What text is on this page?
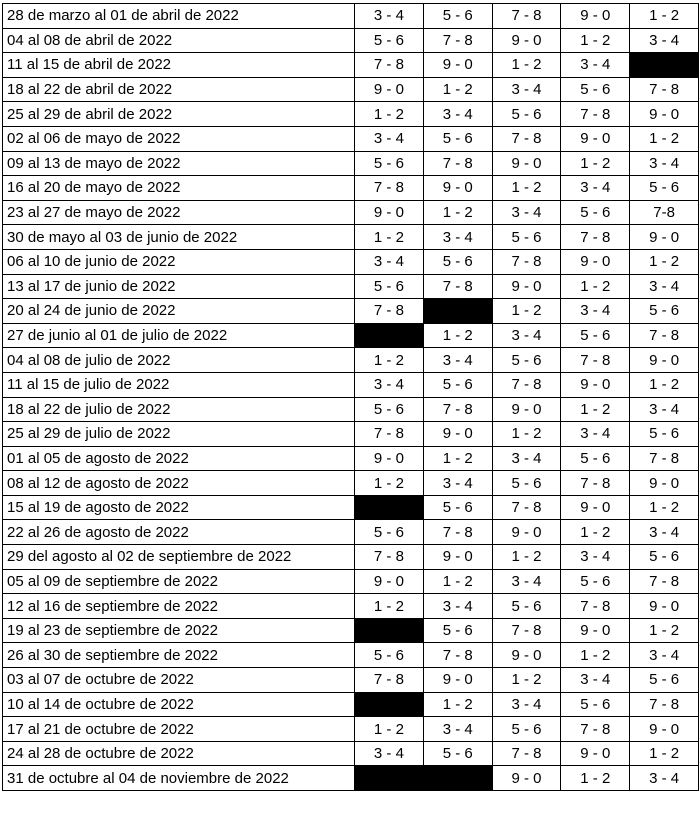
28 de marzo al 01 de abril de 2022	3 - 4	5 - 6	7 - 8	9 - 0	1 - 2
04 al 08 de abril de 2022	5 - 6	7 - 8	9 - 0	1 - 2	3 - 4
11 al 15 de abril de 2022	7 - 8	9 - 0	1 - 2	3 - 4	
18 al 22 de abril de 2022	9 - 0	1 - 2	3 - 4	5 - 6	7 - 8
25 al 29 de abril de 2022	1 - 2	3 - 4	5 - 6	7 - 8	9 - 0
02 al 06 de mayo de 2022	3 - 4	5 - 6	7 - 8	9 - 0	1 - 2
09 al 13 de mayo de 2022	5 - 6	7 - 8	9 - 0	1 - 2	3 - 4
16 al 20 de mayo de 2022	7 - 8	9 - 0	1 - 2	3 - 4	5 - 6
23 al 27 de mayo de 2022	9 - 0	1 - 2	3 - 4	5 - 6	7-8
30 de mayo al 03 de junio de 2022	1 - 2	3 - 4	5 - 6	7 - 8	9 - 0
06 al 10 de junio de 2022	3 - 4	5 - 6	7 - 8	9 - 0	1 - 2
13 al 17 de junio de 2022	5 - 6	7 - 8	9 - 0	1 - 2	3 - 4
20 al 24 de junio de 2022	7 - 8		1 - 2	3 - 4	5 - 6
27 de junio al 01 de julio de 2022		1 - 2	3 - 4	5 - 6	7 - 8
04 al 08 de julio de 2022	1 - 2	3 - 4	5 - 6	7 - 8	9 - 0
11 al 15 de julio de 2022	3 - 4	5 - 6	7 - 8	9 - 0	1 - 2
18 al 22 de julio de 2022	5 - 6	7 - 8	9 - 0	1 - 2	3 - 4
25 al 29 de julio de 2022	7 - 8	9 - 0	1 - 2	3 - 4	5 - 6
01 al 05 de agosto de 2022	9 - 0	1 - 2	3 - 4	5 - 6	7 - 8
08 al 12 de agosto de 2022	1 - 2	3 - 4	5 - 6	7 - 8	9 - 0
15 al 19 de agosto de 2022		5 - 6	7 - 8	9 - 0	1 - 2
22 al 26 de agosto de 2022	5 - 6	7 - 8	9 - 0	1 - 2	3 - 4
29 del agosto al 02 de septiembre de 2022	7 - 8	9 - 0	1 - 2	3 - 4	5 - 6
05 al 09 de septiembre de 2022	9 - 0	1 - 2	3 - 4	5 - 6	7 - 8
12 al 16 de septiembre de 2022	1 - 2	3 - 4	5 - 6	7 - 8	9 - 0
19 al 23 de septiembre de 2022		5 - 6	7 - 8	9 - 0	1 - 2
26 al 30 de septiembre de 2022	5 - 6	7 - 8	9 - 0	1 - 2	3 - 4
03 al 07 de octubre de 2022	7 - 8	9 - 0	1 - 2	3 - 4	5 - 6
10 al 14 de octubre de 2022		1 - 2	3 - 4	5 - 6	7 - 8
17 al 21 de octubre de 2022	1 - 2	3 - 4	5 - 6	7 - 8	9 - 0
24 al 28 de octubre de 2022	3 - 4	5 - 6	7 - 8	9 - 0	1 - 2
31 de octubre al 04 de noviembre de 2022			9 - 0	1 - 2	3 - 4
